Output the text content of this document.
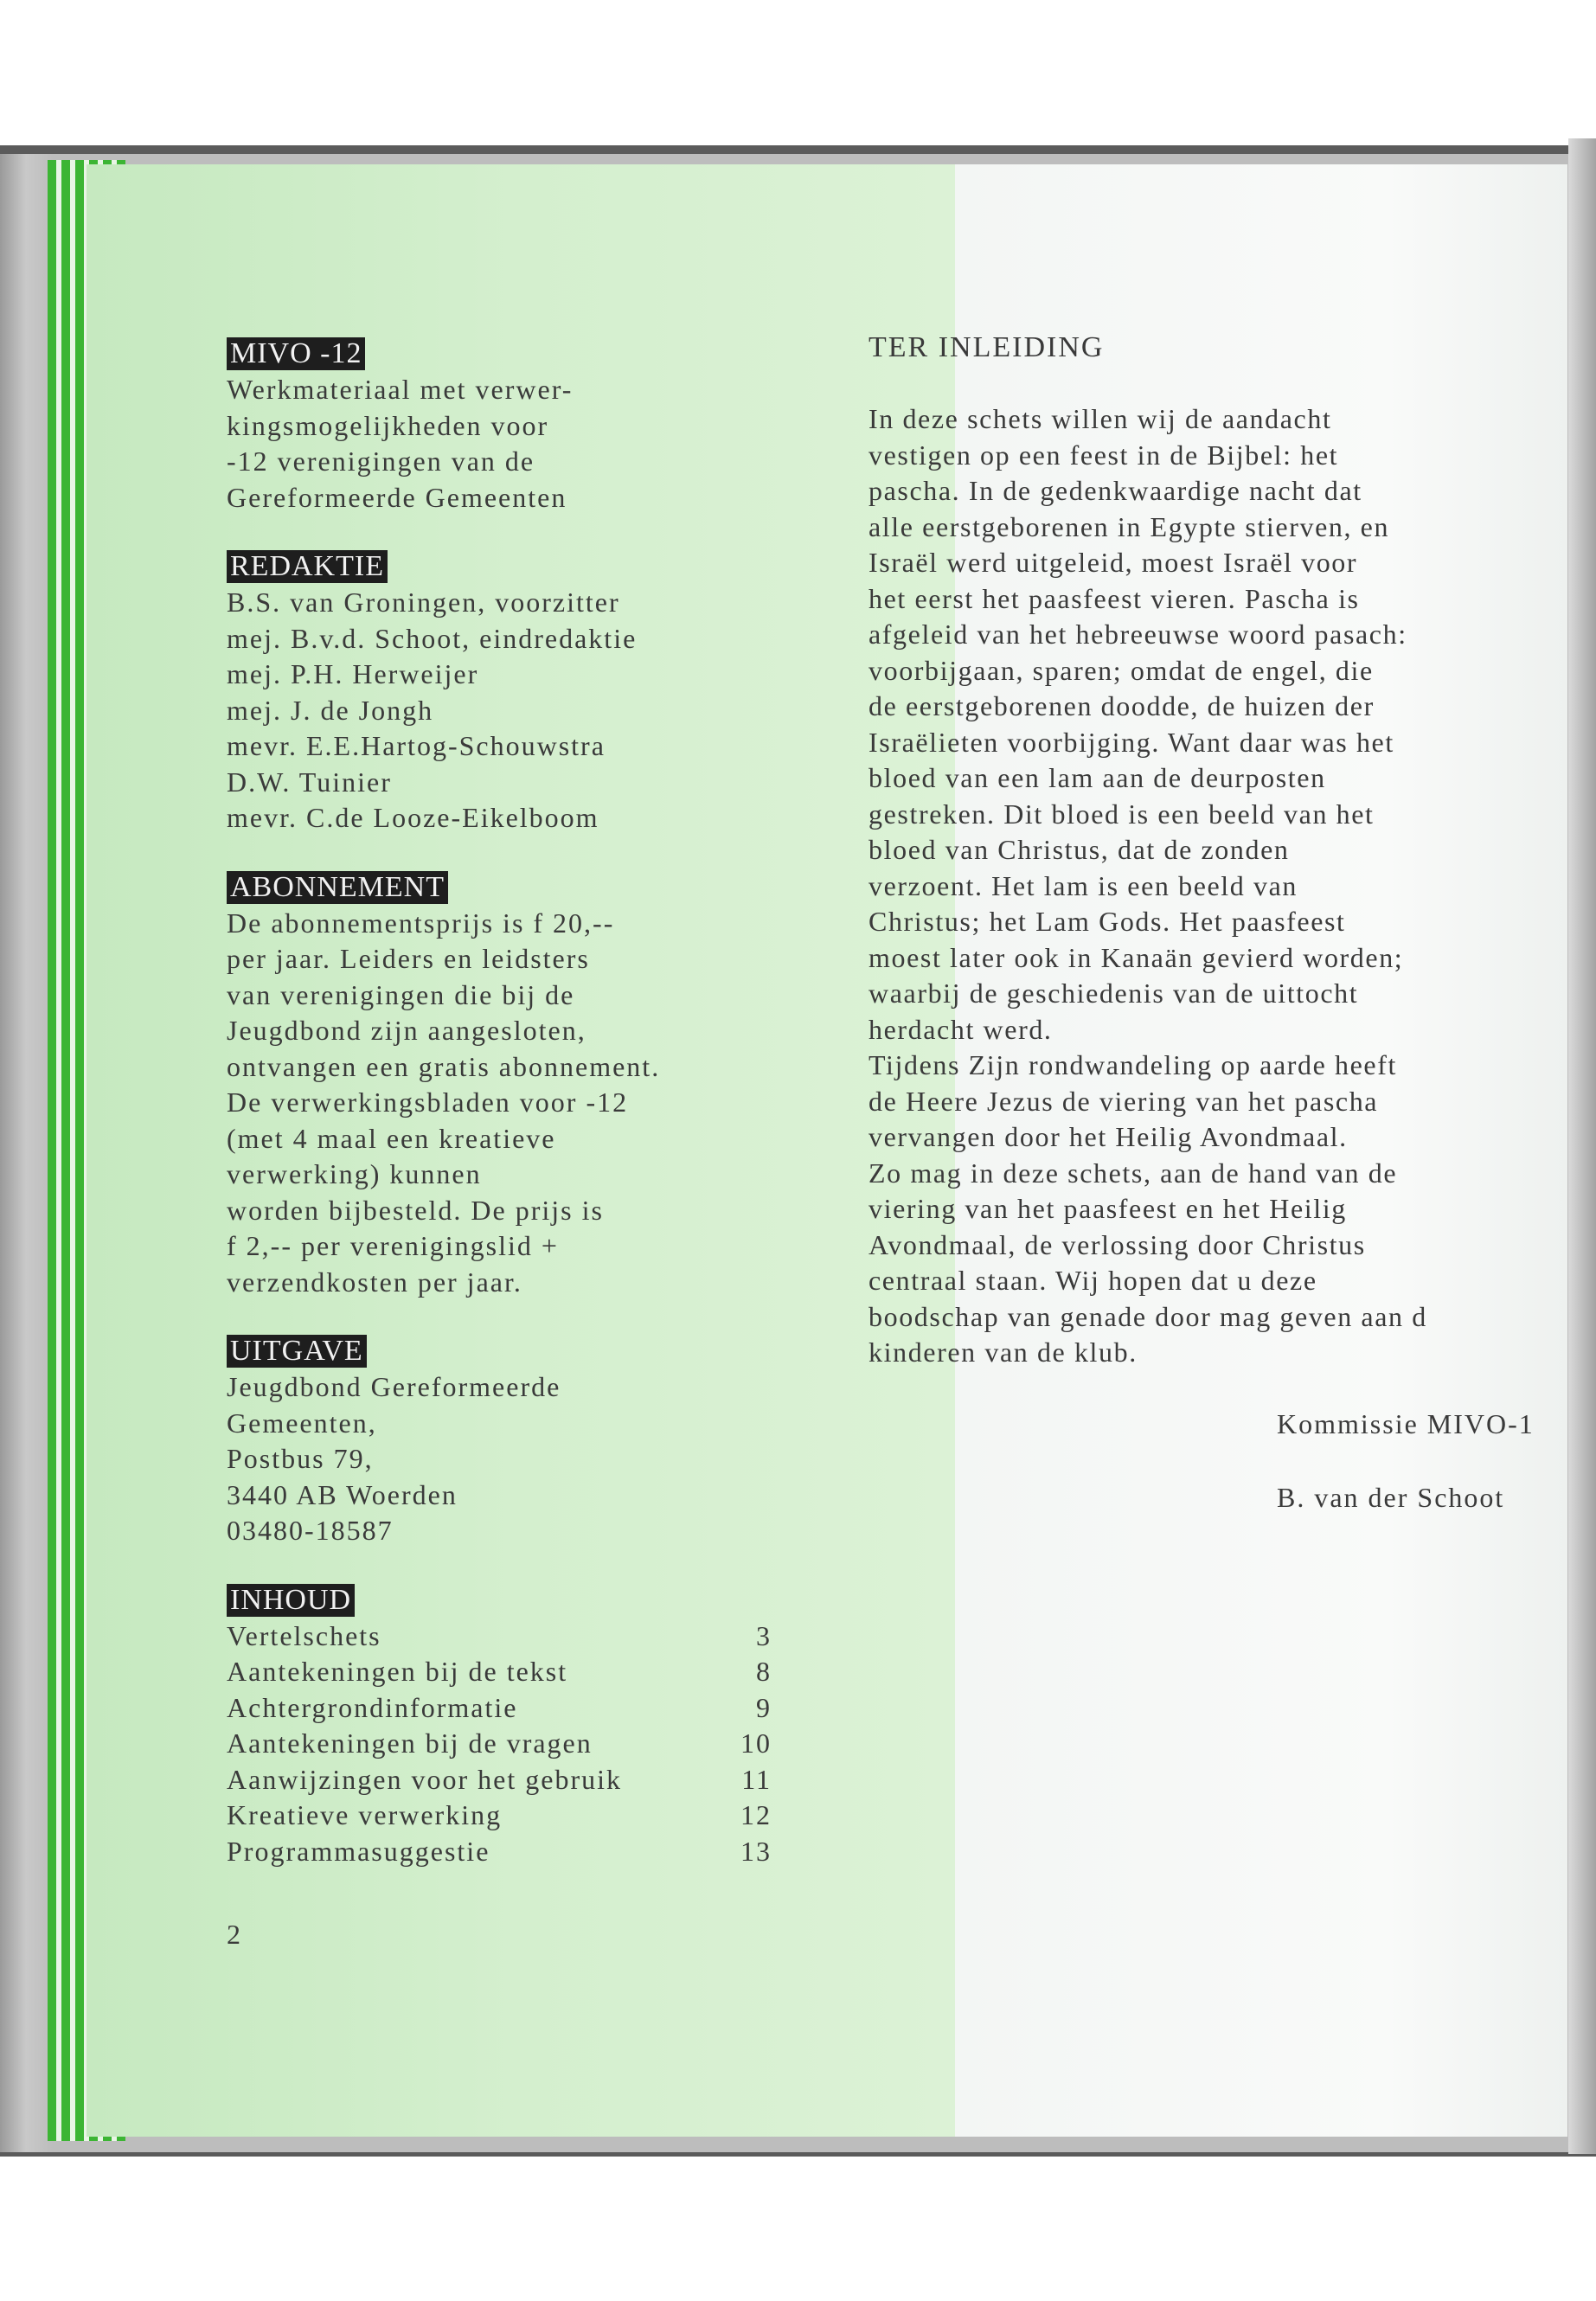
MIVO -12
Werkmateriaal met verwer-
kingsmogelijkheden voor
-12 verenigingen van de
Gereformeerde Gemeenten
REDAKTIE
B.S. van Groningen, voorzitter
mej. B.v.d. Schoot, eindredaktie
mej. P.H. Herweijer
mej. J. de Jongh
mevr. E.E.Hartog-Schouwstra
D.W. Tuinier
mevr. C.de Looze-Eikelboom
ABONNEMENT
De abonnementsprijs is f 20,--
per jaar. Leiders en leidsters
van verenigingen die bij de
Jeugdbond zijn aangesloten,
ontvangen een gratis abonnement.
De verwerkingsbladen voor -12
(met 4 maal een kreatieve
verwerking) kunnen
worden bijbesteld. De prijs is
f 2,-- per verenigingslid +
verzendkosten per jaar.
UITGAVE
Jeugdbond Gereformeerde
Gemeenten,
Postbus 79,
3440 AB Woerden
03480-18587
INHOUD
Vertelschets	3
Aantekeningen bij de tekst	8
Achtergrondinformatie	9
Aantekeningen bij de vragen	10
Aanwijzingen voor het gebruik	11
Kreatieve verwerking	12
Programmasuggestie	13
2
TER INLEIDING
In deze schets willen wij de aandacht
vestigen op een feest in de Bijbel: het
pascha. In de gedenkwaardige nacht dat
alle eerstgeborenen in Egypte stierven, en
Israël werd uitgeleid, moest Israël voor
het eerst het paasfeest vieren. Pascha is
afgeleid van het hebreeuwse woord pasach:
voorbijgaan, sparen; omdat de engel, die
de eerstgeborenen doodde, de huizen der
Israëlieten voorbijging. Want daar was het
bloed van een lam aan de deurposten
gestreken. Dit bloed is een beeld van het
bloed van Christus, dat de zonden
verzoent. Het lam is een beeld van
Christus; het Lam Gods. Het paasfeest
moest later ook in Kanaän gevierd worden;
waarbij de geschiedenis van de uittocht
herdacht werd.
Tijdens Zijn rondwandeling op aarde heeft
de Heere Jezus de viering van het pascha
vervangen door het Heilig Avondmaal.
Zo mag in deze schets, aan de hand van de
viering van het paasfeest en het Heilig
Avondmaal, de verlossing door Christus
centraal staan. Wij hopen dat u deze
boodschap van genade door mag geven aan d
kinderen van de klub.
Kommissie MIVO-1
B. van der Schoot
